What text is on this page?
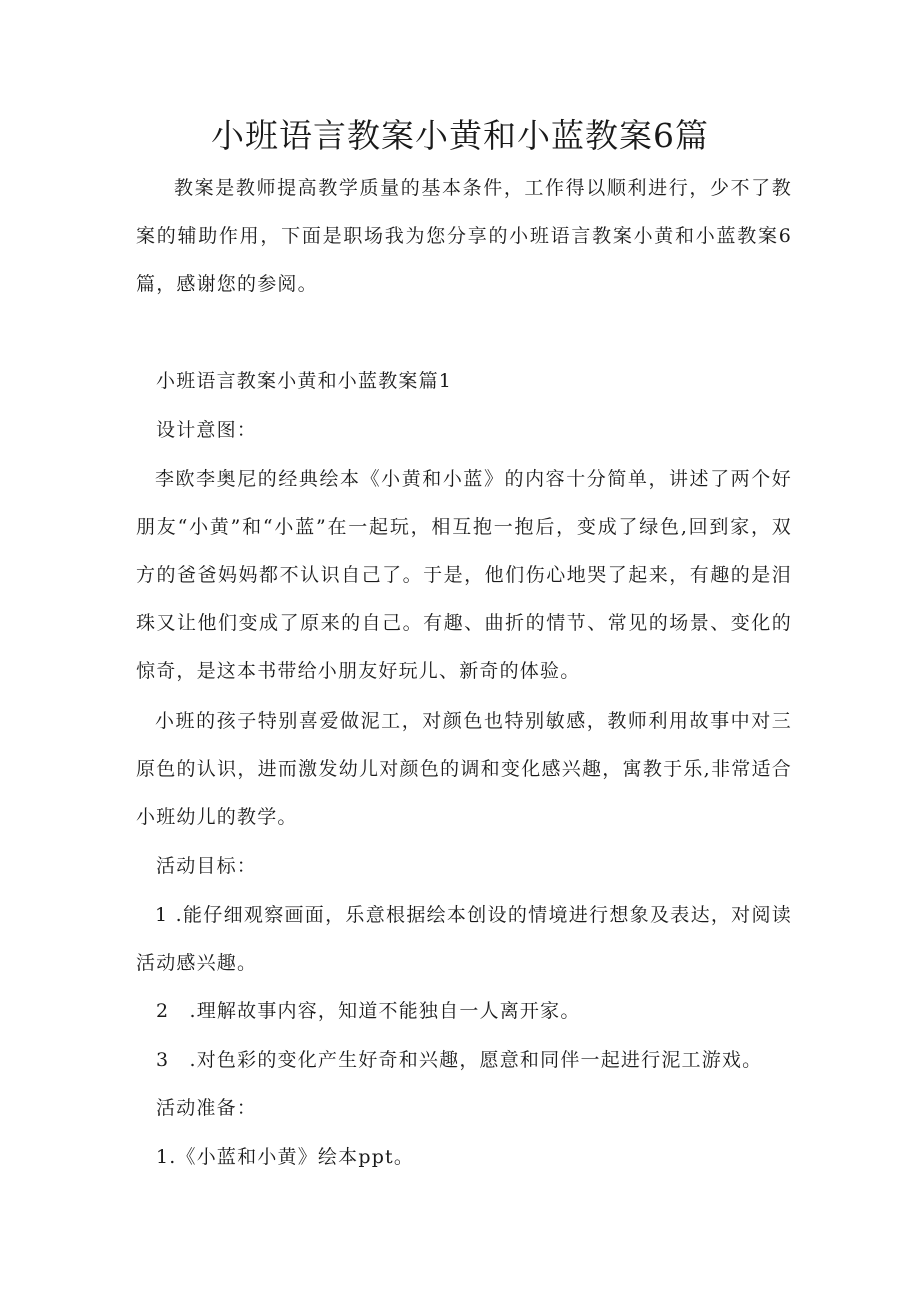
小班语言教案小黄和小蓝教案6篇

教案是教师提高教学质量的基本条件，工作得以顺利进行，少不了教案的辅助作用，下面是职场我为您分享的小班语言教案小黄和小蓝教案6篇，感谢您的参阅。

小班语言教案小黄和小蓝教案篇1

设计意图：

李欧李奥尼的经典绘本《小黄和小蓝》的内容十分简单，讲述了两个好朋友“小黄”和“小蓝”在一起玩，相互抱一抱后，变成了绿色,回到家，双方的爸爸妈妈都不认识自己了。于是，他们伤心地哭了起来，有趣的是泪珠又让他们变成了原来的自己。有趣、曲折的情节、常见的场景、变化的惊奇，是这本书带给小朋友好玩儿、新奇的体验。

小班的孩子特别喜爱做泥工，对颜色也特别敏感，教师利用故事中对三原色的认识，进而激发幼儿对颜色的调和变化感兴趣，寓教于乐,非常适合小班幼儿的教学。

活动目标：

1 .能仔细观察画面，乐意根据绘本创设的情境进行想象及表达，对阅读活动感兴趣。

2　.理解故事内容，知道不能独自一人离开家。

3　.对色彩的变化产生好奇和兴趣，愿意和同伴一起进行泥工游戏。

活动准备：

1.《小蓝和小黄》绘本ppt。
